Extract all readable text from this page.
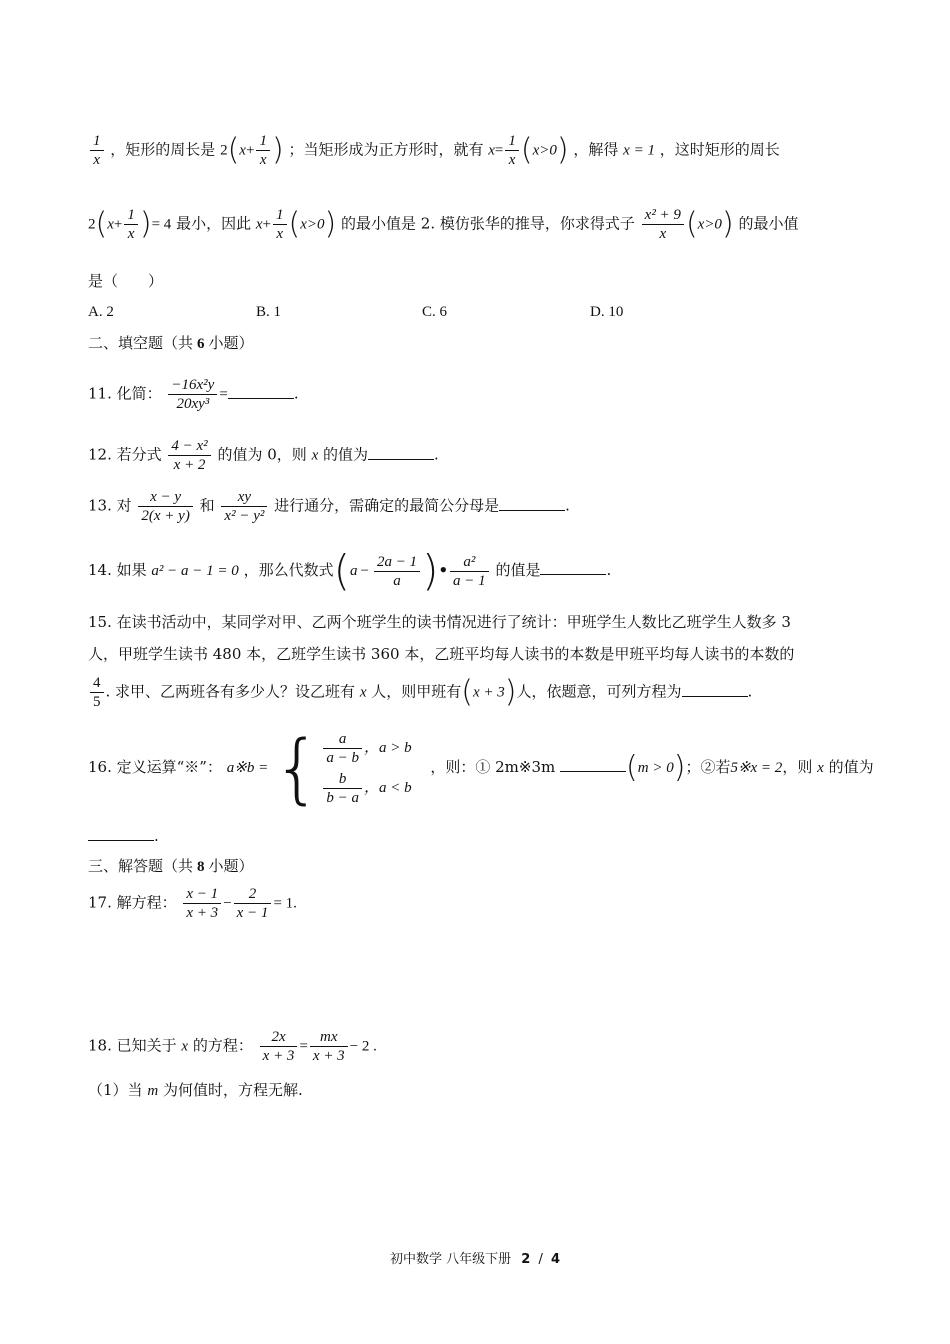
$\frac{1}{x}$ ，矩形的周长是 $2(x+ \frac{1}{x}$ ) ；当矩形成为正方形时，就有 $x= \frac{1}{x} (x>0)$ ，解得 x = 1 ，这时矩形的周长
$2(x+ \frac{1}{x}$ )= 4 最小，因此 $x+ \frac{1}{x} (x>0)$ 的最小值是 2. 模仿张华的推导，你求得式子 $\frac{\text{x² + 9}}{x} (x>0)$ 的最小值
是（　　）
A. 2	B. 1	C. 6	D. 10
二、填空题（共 6 小题）
11. 化简： $\frac{\text{−16x²y}}{\text{20xy³}}$ =	.
12. 若分式 $\frac{\text{4 − x²}}{x + 2}$ 的值为 0，则 x 的值为	.
13. 对 $\frac{x - y}{2(x + y)}$ 和 $\frac{xy}{\text{x² − y²}}$ 进行通分，需确定的最简公分母是	.
14. 如果 a² − a − 1 = 0 ，那么代数式($a - \frac{2a - 1}{a}$ )• $\frac{\text{a²}}{a - 1}$ 的值是	.
15. 在读书活动中，某同学对甲、乙两个班学生的读书情况进行了统计：甲班学生人数比乙班学生人数多 3
人，甲班学生读书 480 本，乙班学生读书 360 本，乙班平均每人读书的本数是甲班平均每人读书的本数的
$\frac{4}{5}$ . 求甲、乙两班各有多少人？设乙班有 x 人，则甲班有(x + 3)人，依题意，可列方程为	.
16. 定义运算“※”： a※b = { $\frac{a}{a - b}$ ，a > b
$\frac{b}{b - a}$ ，a < b
，则：① 2m※3m (m > 0)；②若5※x = 2，则 x 的值为
.
三、解答题（共 8 小题）
17. 解方程： $\frac{x - 1}{x + 3} - \frac{2}{x - 1} = 1$.
18. 已知关于 x 的方程： $\frac{2x}{x + 3} = \frac{mx}{x + 3} - 2$ .
（1）当 m 为何值时，方程无解.
初中数学 八年级下册 2 / 4
